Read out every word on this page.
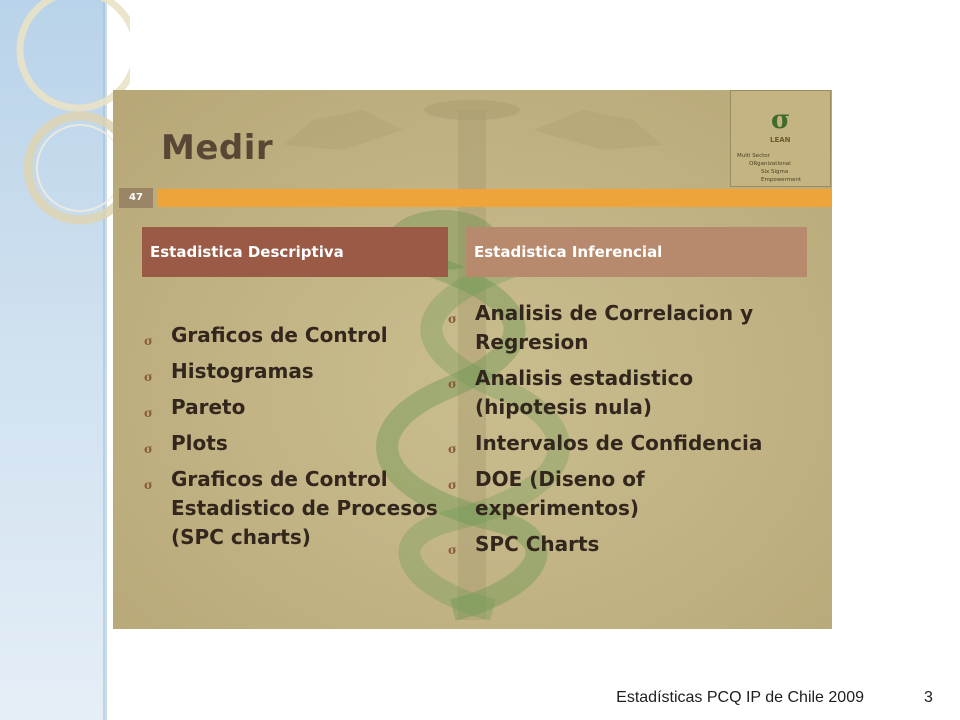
Medir
σ
LEAN
Multi Sector
ORganizational
Six Sigma
Empowerment
47
Estadistica Descriptiva	Estadistica Inferencial
σ Graficos de Control
σ Histogramas
σ Pareto
σ Plots
σ Graficos de Control Estadistico de Procesos (SPC charts)
σ Analisis de Correlacion y Regresion
σ Analisis estadistico (hipotesis nula)
σ Intervalos de Confidencia
σ DOE (Diseno of experimentos)
σ SPC Charts
Estadísticas PCQ IP de Chile 2009	3
